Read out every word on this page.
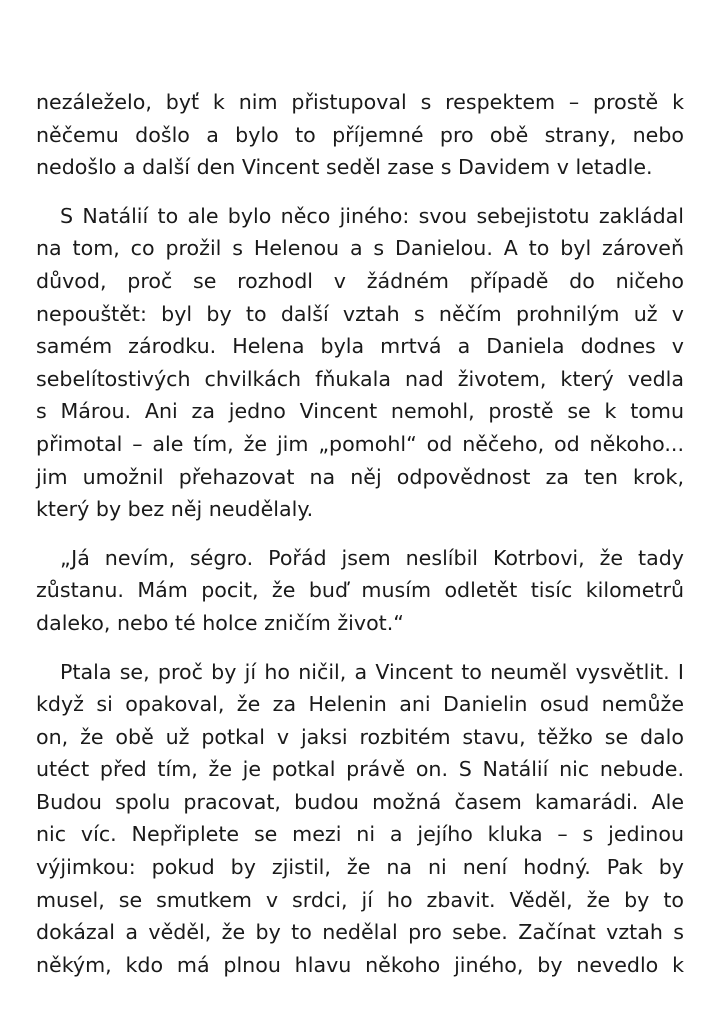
nezáleželo, byť k nim přistupoval s respektem – prostě k
něčemu došlo a bylo to příjemné pro obě strany, nebo
nedošlo a další den Vincent seděl zase s Davidem v letadle.
S Natálií to ale bylo něco jiného: svou sebejistotu zakládal
na tom, co prožil s Helenou a s Danielou. A to byl zároveň
důvod, proč se rozhodl v žádném případě do ničeho
nepouštět: byl by to další vztah s něčím prohnilým už v
samém zárodku. Helena byla mrtvá a Daniela dodnes v
sebelítostivých chvilkách fňukala nad životem, který vedla
s Márou. Ani za jedno Vincent nemohl, prostě se k tomu
přimotal – ale tím, že jim „pomohl“ od něčeho, od někoho...
jim umožnil přehazovat na něj odpovědnost za ten krok,
který by bez něj neudělaly.
„Já nevím, ségro. Pořád jsem neslíbil Kotrbovi, že tady
zůstanu. Mám pocit, že buď musím odletět tisíc kilometrů
daleko, nebo té holce zničím život.“
Ptala se, proč by jí ho ničil, a Vincent to neuměl vysvětlit. I
když si opakoval, že za Helenin ani Danielin osud nemůže
on, že obě už potkal v jaksi rozbitém stavu, těžko se dalo
utéct před tím, že je potkal právě on. S Natálií nic nebude.
Budou spolu pracovat, budou možná časem kamarádi. Ale
nic víc. Nepřiplete se mezi ni a jejího kluka – s jedinou
výjimkou: pokud by zjistil, že na ni není hodný. Pak by
musel, se smutkem v srdci, jí ho zbavit. Věděl, že by to
dokázal a věděl, že by to nedělal pro sebe. Začínat vztah s
někým, kdo má plnou hlavu někoho jiného, by nevedlo k
